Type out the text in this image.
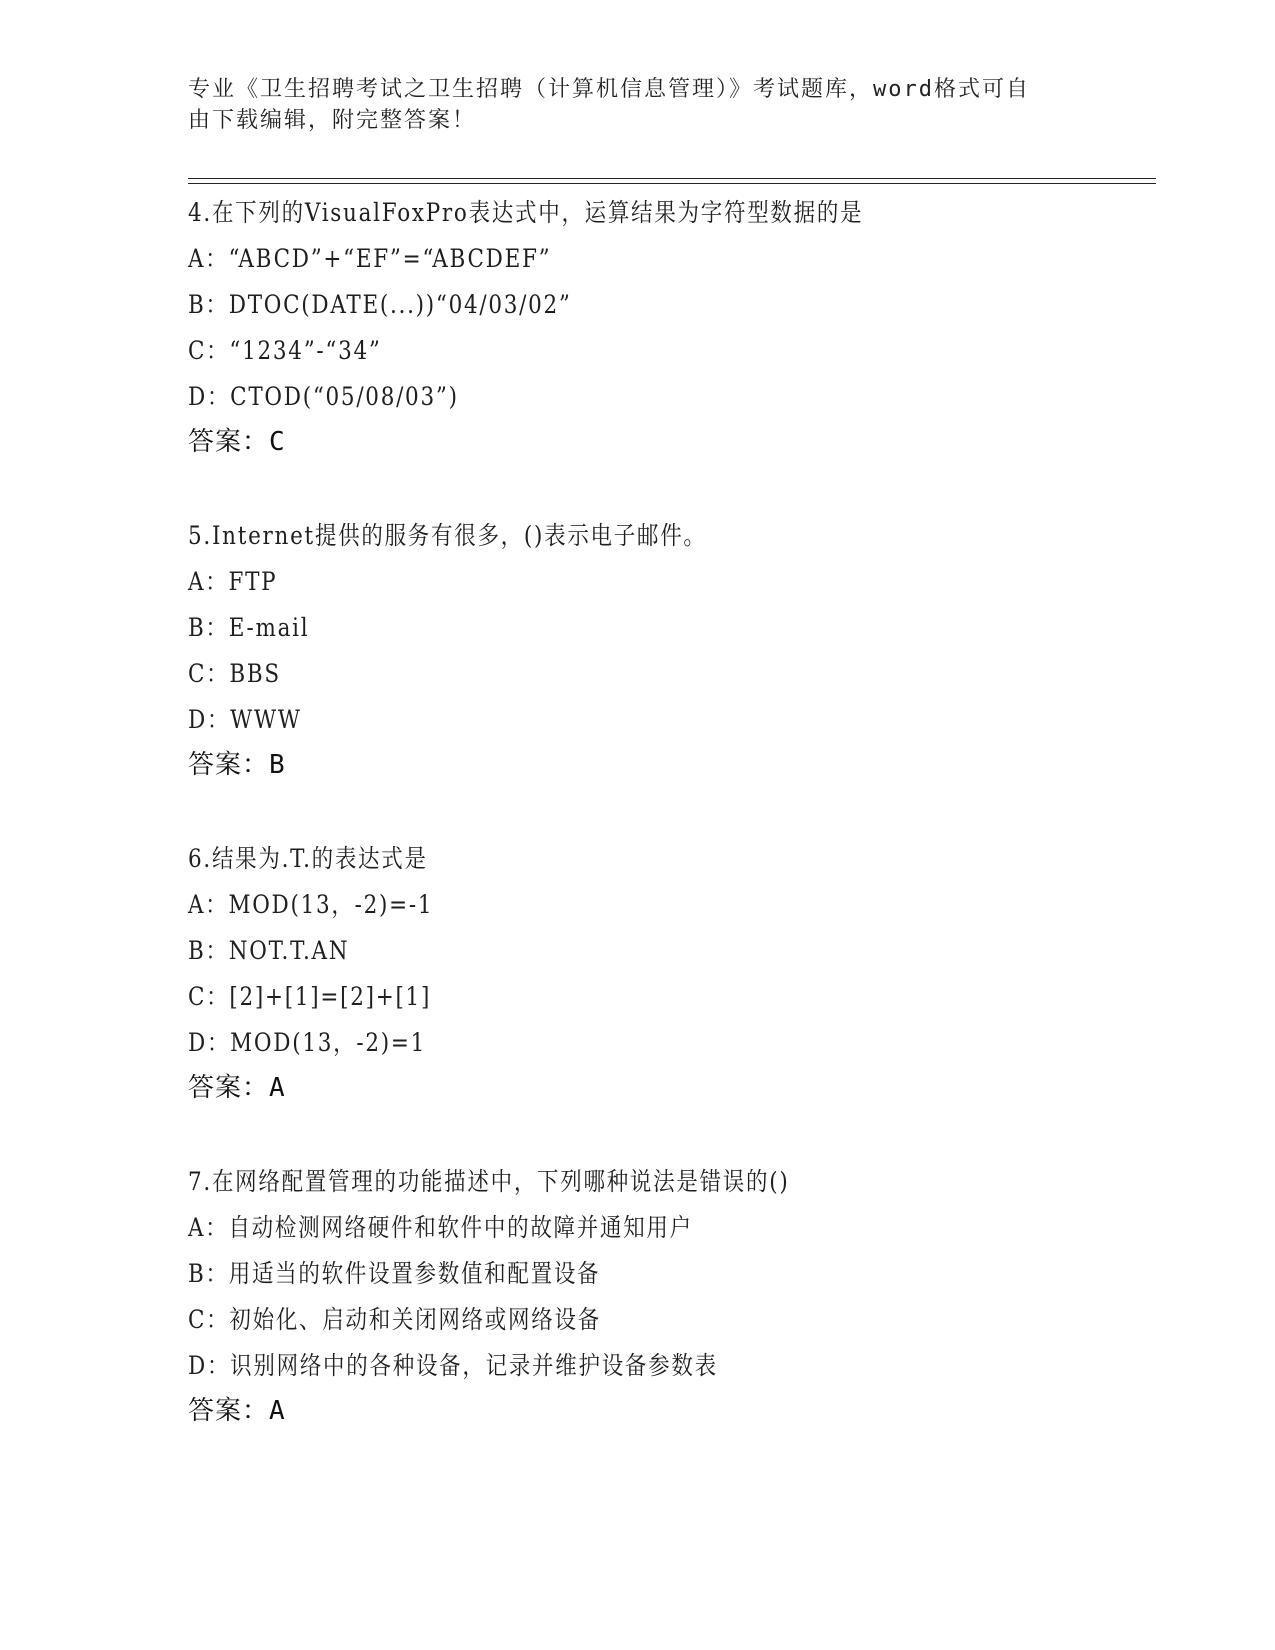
专业《卫生招聘考试之卫生招聘（计算机信息管理）》考试题库，word格式可自
由下载编辑，附完整答案！
4.在下列的VisualFoxPro表达式中，运算结果为字符型数据的是
A：“ABCD”+“EF”=“ABCDEF”
B：DTOC(DATE(...))“04/03/02”
C：“1234”-“34”
D：CTOD(“05/08/03”)
答案：C
5.Internet提供的服务有很多，()表示电子邮件。
A：FTP
B：E-mail
C：BBS
D：WWW
答案：B
6.结果为.T.的表达式是
A：MOD(13，-2)=-1
B：NOT.T.AN
C：[2]+[1]=[2]+[1]
D：MOD(13，-2)=1
答案：A
7.在网络配置管理的功能描述中，下列哪种说法是错误的()
A：自动检测网络硬件和软件中的故障并通知用户
B：用适当的软件设置参数值和配置设备
C：初始化、启动和关闭网络或网络设备
D：识别网络中的各种设备，记录并维护设备参数表
答案：A
